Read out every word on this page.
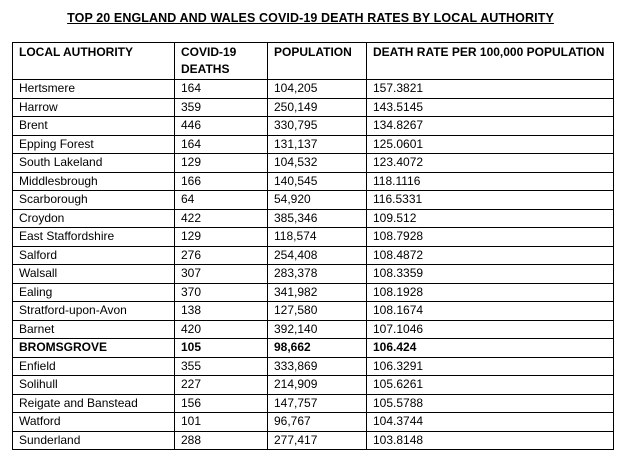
TOP 20 ENGLAND AND WALES COVID-19 DEATH RATES BY LOCAL AUTHORITY
LOCAL AUTHORITY	COVID-19 DEATHS	POPULATION	DEATH RATE PER 100,000 POPULATION
Hertsmere	164	104,205	157.3821
Harrow	359	250,149	143.5145
Brent	446	330,795	134.8267
Epping Forest	164	131,137	125.0601
South Lakeland	129	104,532	123.4072
Middlesbrough	166	140,545	118.1116
Scarborough	64	54,920	116.5331
Croydon	422	385,346	109.512
East Staffordshire	129	118,574	108.7928
Salford	276	254,408	108.4872
Walsall	307	283,378	108.3359
Ealing	370	341,982	108.1928
Stratford-upon-Avon	138	127,580	108.1674
Barnet	420	392,140	107.1046
BROMSGROVE	105	98,662	106.424
Enfield	355	333,869	106.3291
Solihull	227	214,909	105.6261
Reigate and Banstead	156	147,757	105.5788
Watford	101	96,767	104.3744
Sunderland	288	277,417	103.8148
